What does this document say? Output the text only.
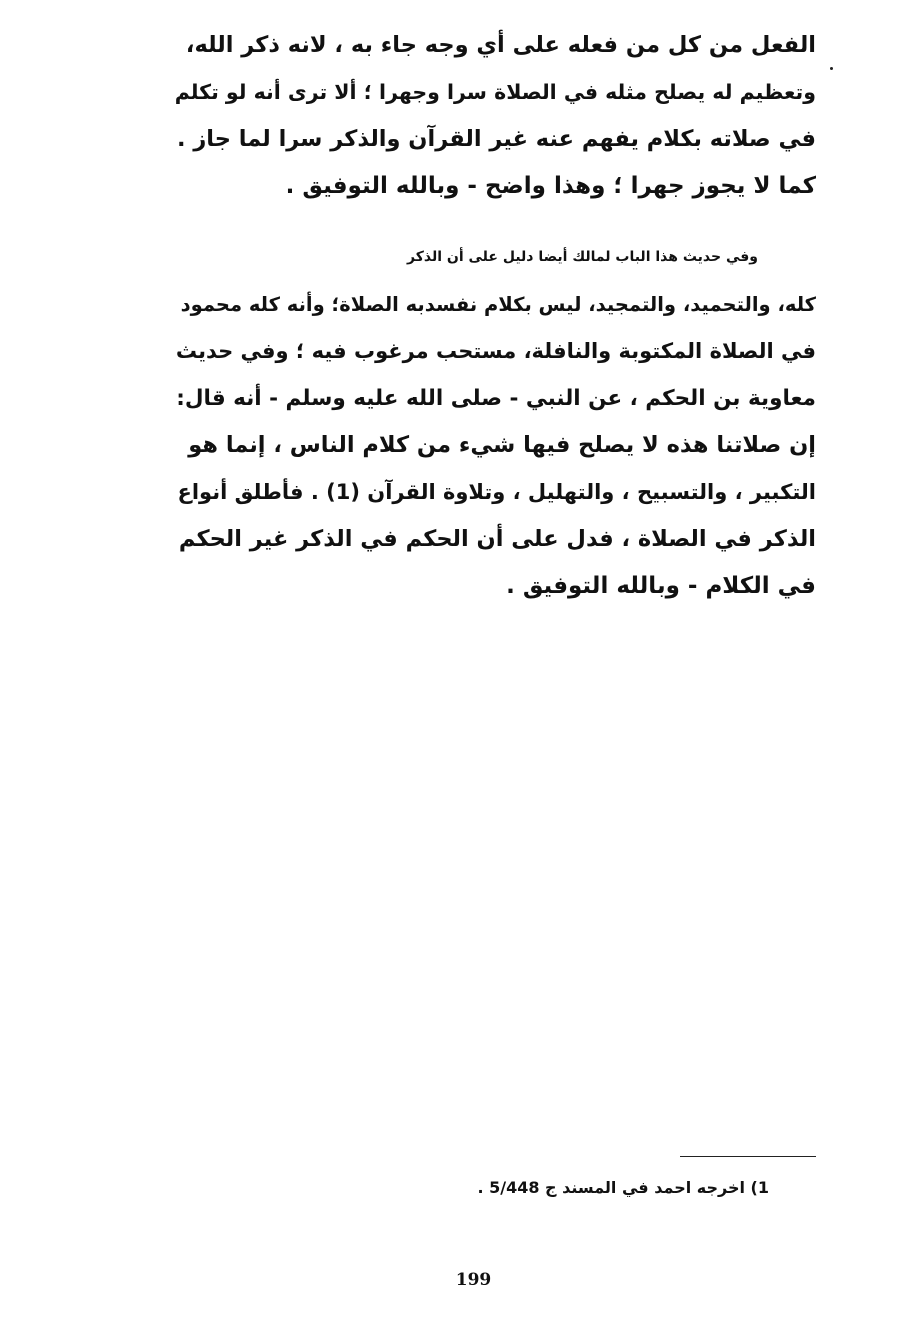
الفعل من كل من فعله على أي وجه جاء به ، لانه ذكر الله،
وتعظيم له يصلح مثله في الصلاة سرا وجهرا ؛ ألا ترى أنه لو تكلم
في صلاته بكلام يفهم عنه غير القرآن والذكر سرا لما جاز .
كما لا يجوز جهرا ؛ وهذا واضح - وبالله التوفيق .

وفي حديث هذا الباب لمالك أيضا دليل على أن الذكر
كله، والتحميد، والتمجيد، ليس بكلام نفسدبه الصلاة؛ وأنه كله محمود
في الصلاة المكتوبة والنافلة، مستحب مرغوب فيه ؛ وفي حديث
معاوية بن الحكم ، عن النبي - صلى الله عليه وسلم - أنه قال:
إن صلاتنا هذه لا يصلح فيها شيء من كلام الناس ، إنما هو
التكبير ، والتسبيح ، والتهليل ، وتلاوة القرآن (1) . فأطلق أنواع
الذكر في الصلاة ، فدل على أن الحكم في الذكر غير الحكم
في الكلام - وبالله التوفيق .

1) اخرجه احمد في المسند ج 5/448 .
199
